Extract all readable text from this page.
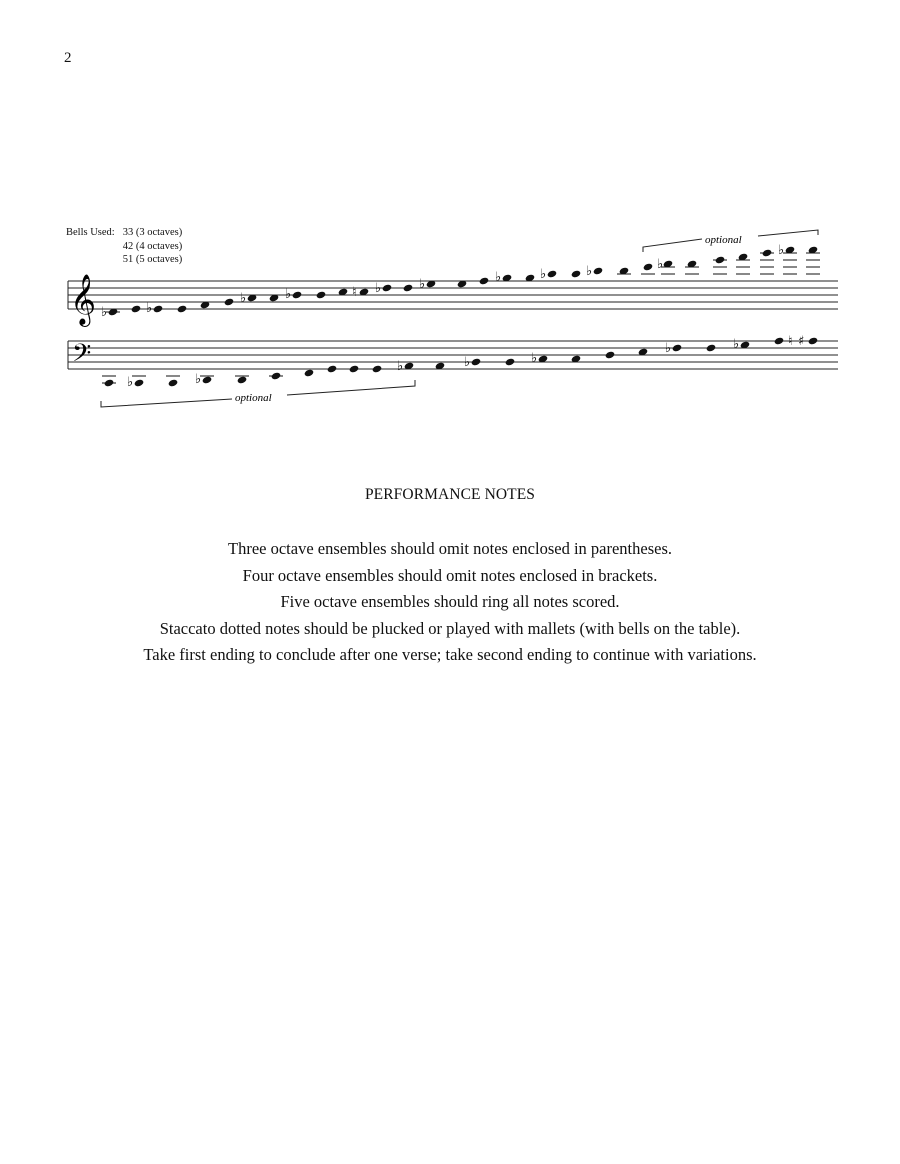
2
Bells Used: 33 (3 octaves)
42 (4 octaves)
51 (5 octaves)
𝄞
𝄢
♭	♭
♭	♭	♮ ♭	♭	♭	♭	♭	♭
♭
optional
♭	♭
♭	♭	♭
♭	♭	♮ ♯
optional
PERFORMANCE NOTES

Three octave ensembles should omit notes enclosed in parentheses.

Four octave ensembles should omit notes enclosed in brackets.

Five octave ensembles should ring all notes scored.

Staccato dotted notes should be plucked or played with mallets (with bells on the table).

Take first ending to conclude after one verse; take second ending to continue with variations.
